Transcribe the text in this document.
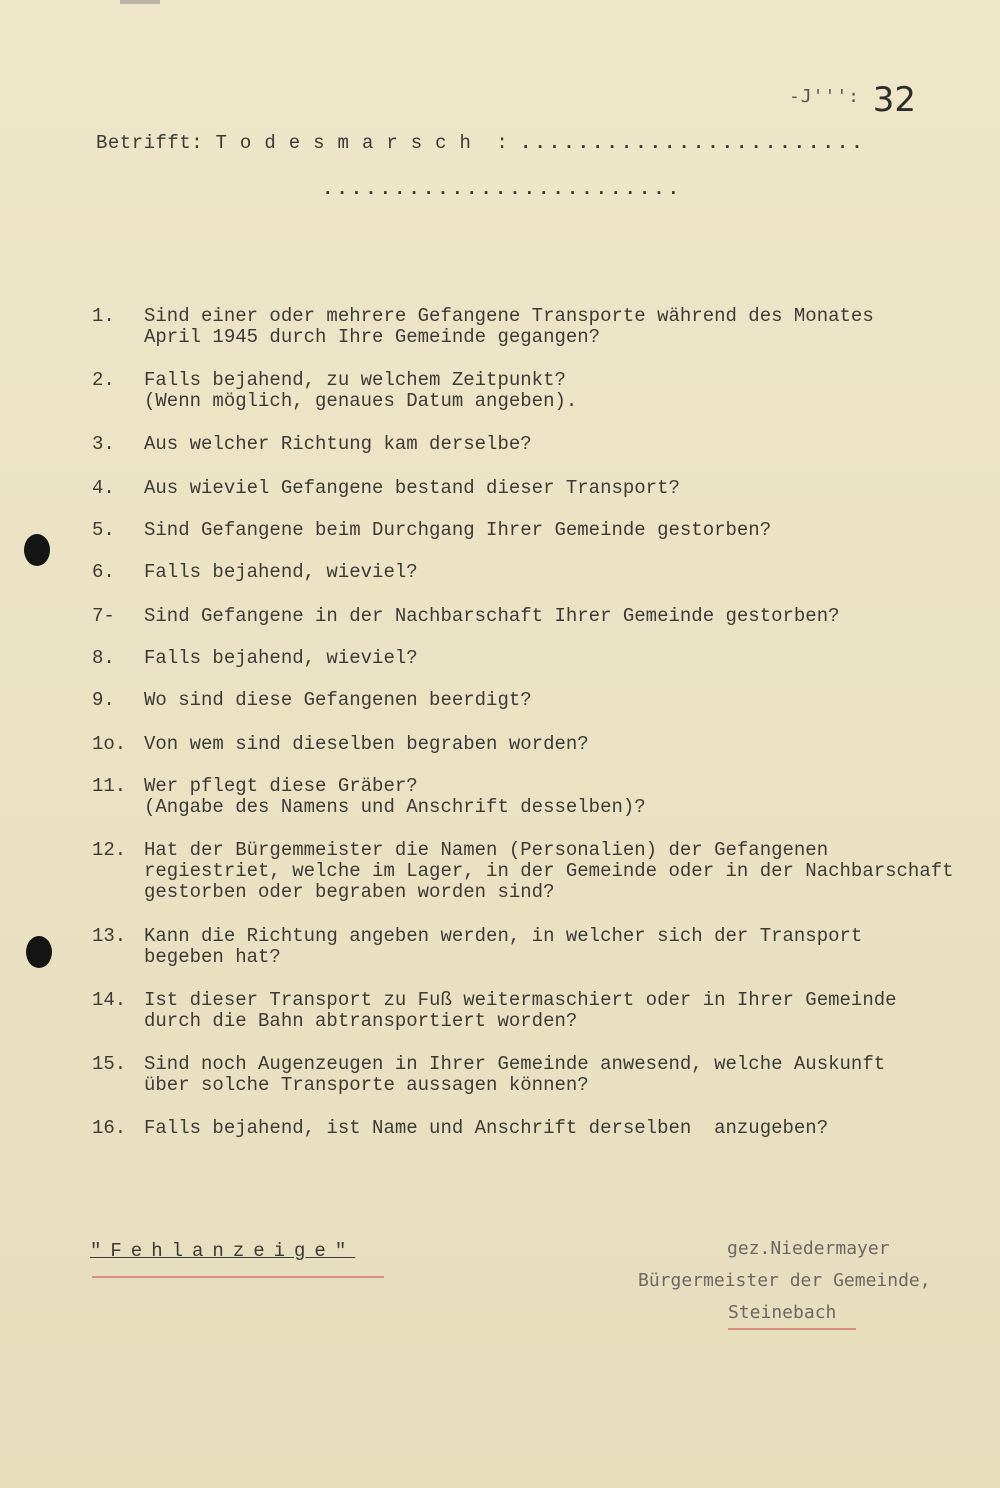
-J''': 32
Betrifft: Todesmarsch : ........................
.........................
1.	Sind einer oder mehrere Gefangene Transporte während des Monates
April 1945 durch Ihre Gemeinde gegangen?
2.	Falls bejahend, zu welchem Zeitpunkt?
(Wenn möglich, genaues Datum angeben).
3.	Aus welcher Richtung kam derselbe?
4.	Aus wieviel Gefangene bestand dieser Transport?
5.	Sind Gefangene beim Durchgang Ihrer Gemeinde gestorben?
6.	Falls bejahend, wieviel?
7-	Sind Gefangene in der Nachbarschaft Ihrer Gemeinde gestorben?
8.	Falls bejahend, wieviel?
9.	Wo sind diese Gefangenen beerdigt?
1o. Von wem sind dieselben begraben worden?
11. Wer pflegt diese Gräber?
(Angabe des Namens und Anschrift desselben)?
12. Hat der Bürgemmeister die Namen (Personalien) der Gefangenen
regiestriet, welche im Lager, in der Gemeinde oder in der Nachbarschaft
gestorben oder begraben worden sind?
13. Kann die Richtung angeben werden, in welcher sich der Transport
begeben hat?
14. Ist dieser Transport zu Fuß weitermaschiert oder in Ihrer Gemeinde
durch die Bahn abtransportiert worden?
15. Sind noch Augenzeugen in Ihrer Gemeinde anwesend, welche Auskunft
über solche Transporte aussagen können?
16. Falls bejahend, ist Name und Anschrift derselben  anzugeben?
"Fehlanzeige"	gez.Niedermayer
Bürgermeister der Gemeinde,
Steinebach
